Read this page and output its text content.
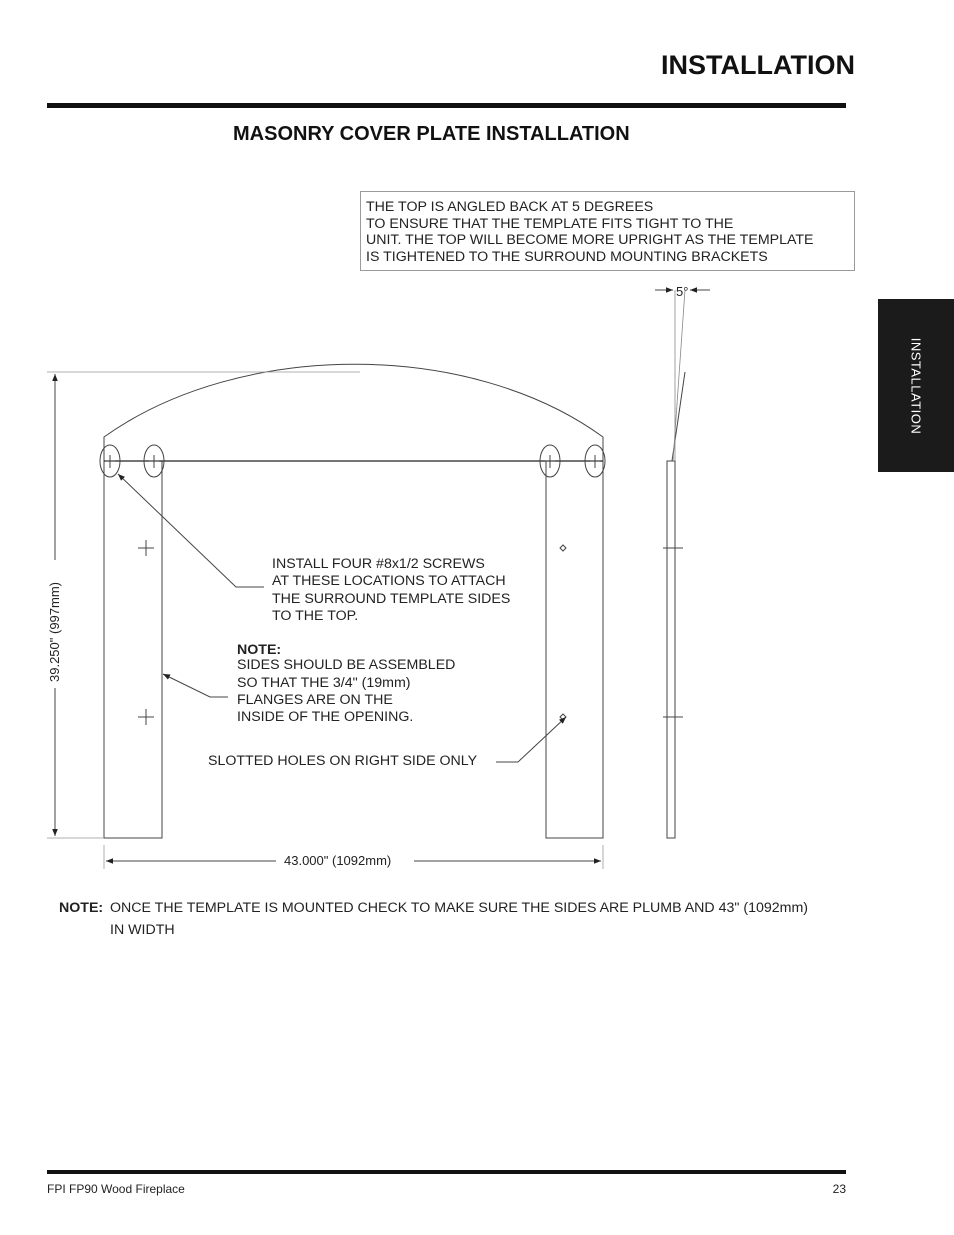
INSTALLATION
MASONRY COVER PLATE INSTALLATION
INSTALLATION
THE TOP IS ANGLED BACK AT 5 DEGREES
TO ENSURE THAT THE TEMPLATE FITS TIGHT TO THE
UNIT. THE TOP WILL BECOME MORE UPRIGHT AS THE TEMPLATE
IS TIGHTENED TO THE SURROUND MOUNTING BRACKETS
5°
39.250" (997mm)
43.000" (1092mm)
INSTALL FOUR #8x1/2 SCREWS
AT THESE LOCATIONS TO ATTACH
THE SURROUND TEMPLATE SIDES
TO THE TOP.
NOTE:
SIDES SHOULD BE ASSEMBLED
SO THAT THE 3/4" (19mm)
FLANGES ARE ON THE
INSIDE OF THE OPENING.
SLOTTED HOLES ON RIGHT SIDE ONLY
NOTE: ONCE THE TEMPLATE IS MOUNTED CHECK TO MAKE SURE THE SIDES ARE PLUMB AND 43" (1092mm)
IN WIDTH
FPI FP90 Wood Fireplace	23
